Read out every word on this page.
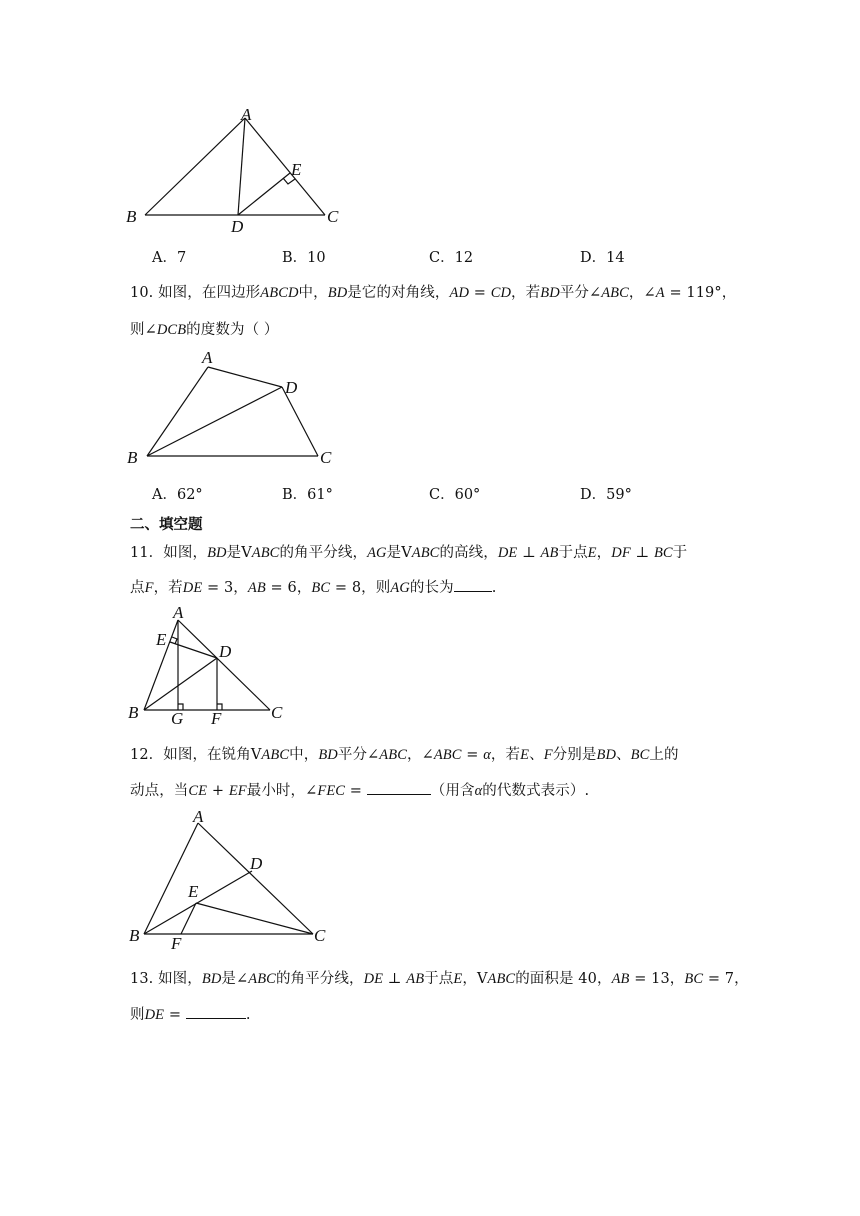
A
B	C
D
E
A．7	B．10	C．12	D．14
10. 如图，在四边形ABCD中，BD是它的对角线，AD = CD，若BD平分∠ABC，∠A = 119°，
则∠DCB的度数为（ ）
A
B	C
D
A．62°	B．61°	C．60°	D．59°
二、填空题
11．如图，BD是VABC的角平分线，AG是VABC的高线，DE ⊥ AB于点E，DF ⊥ BC于
点F，若DE = 3，AB = 6，BC = 8，则AG的长为	.
A
B	C
D
E
F
G
12．如图，在锐角VABC中，BD平分∠ABC，∠ABC = α，若E、F分别是BD、BC上的
动点，当CE + EF最小时，∠FEC =	（用含α的代数式表示）.
A
B	C
D
E
F
13. 如图，BD是∠ABC的角平分线，DE ⊥ AB于点E，VABC的面积是 40，AB = 13，BC = 7，
则DE =	.
